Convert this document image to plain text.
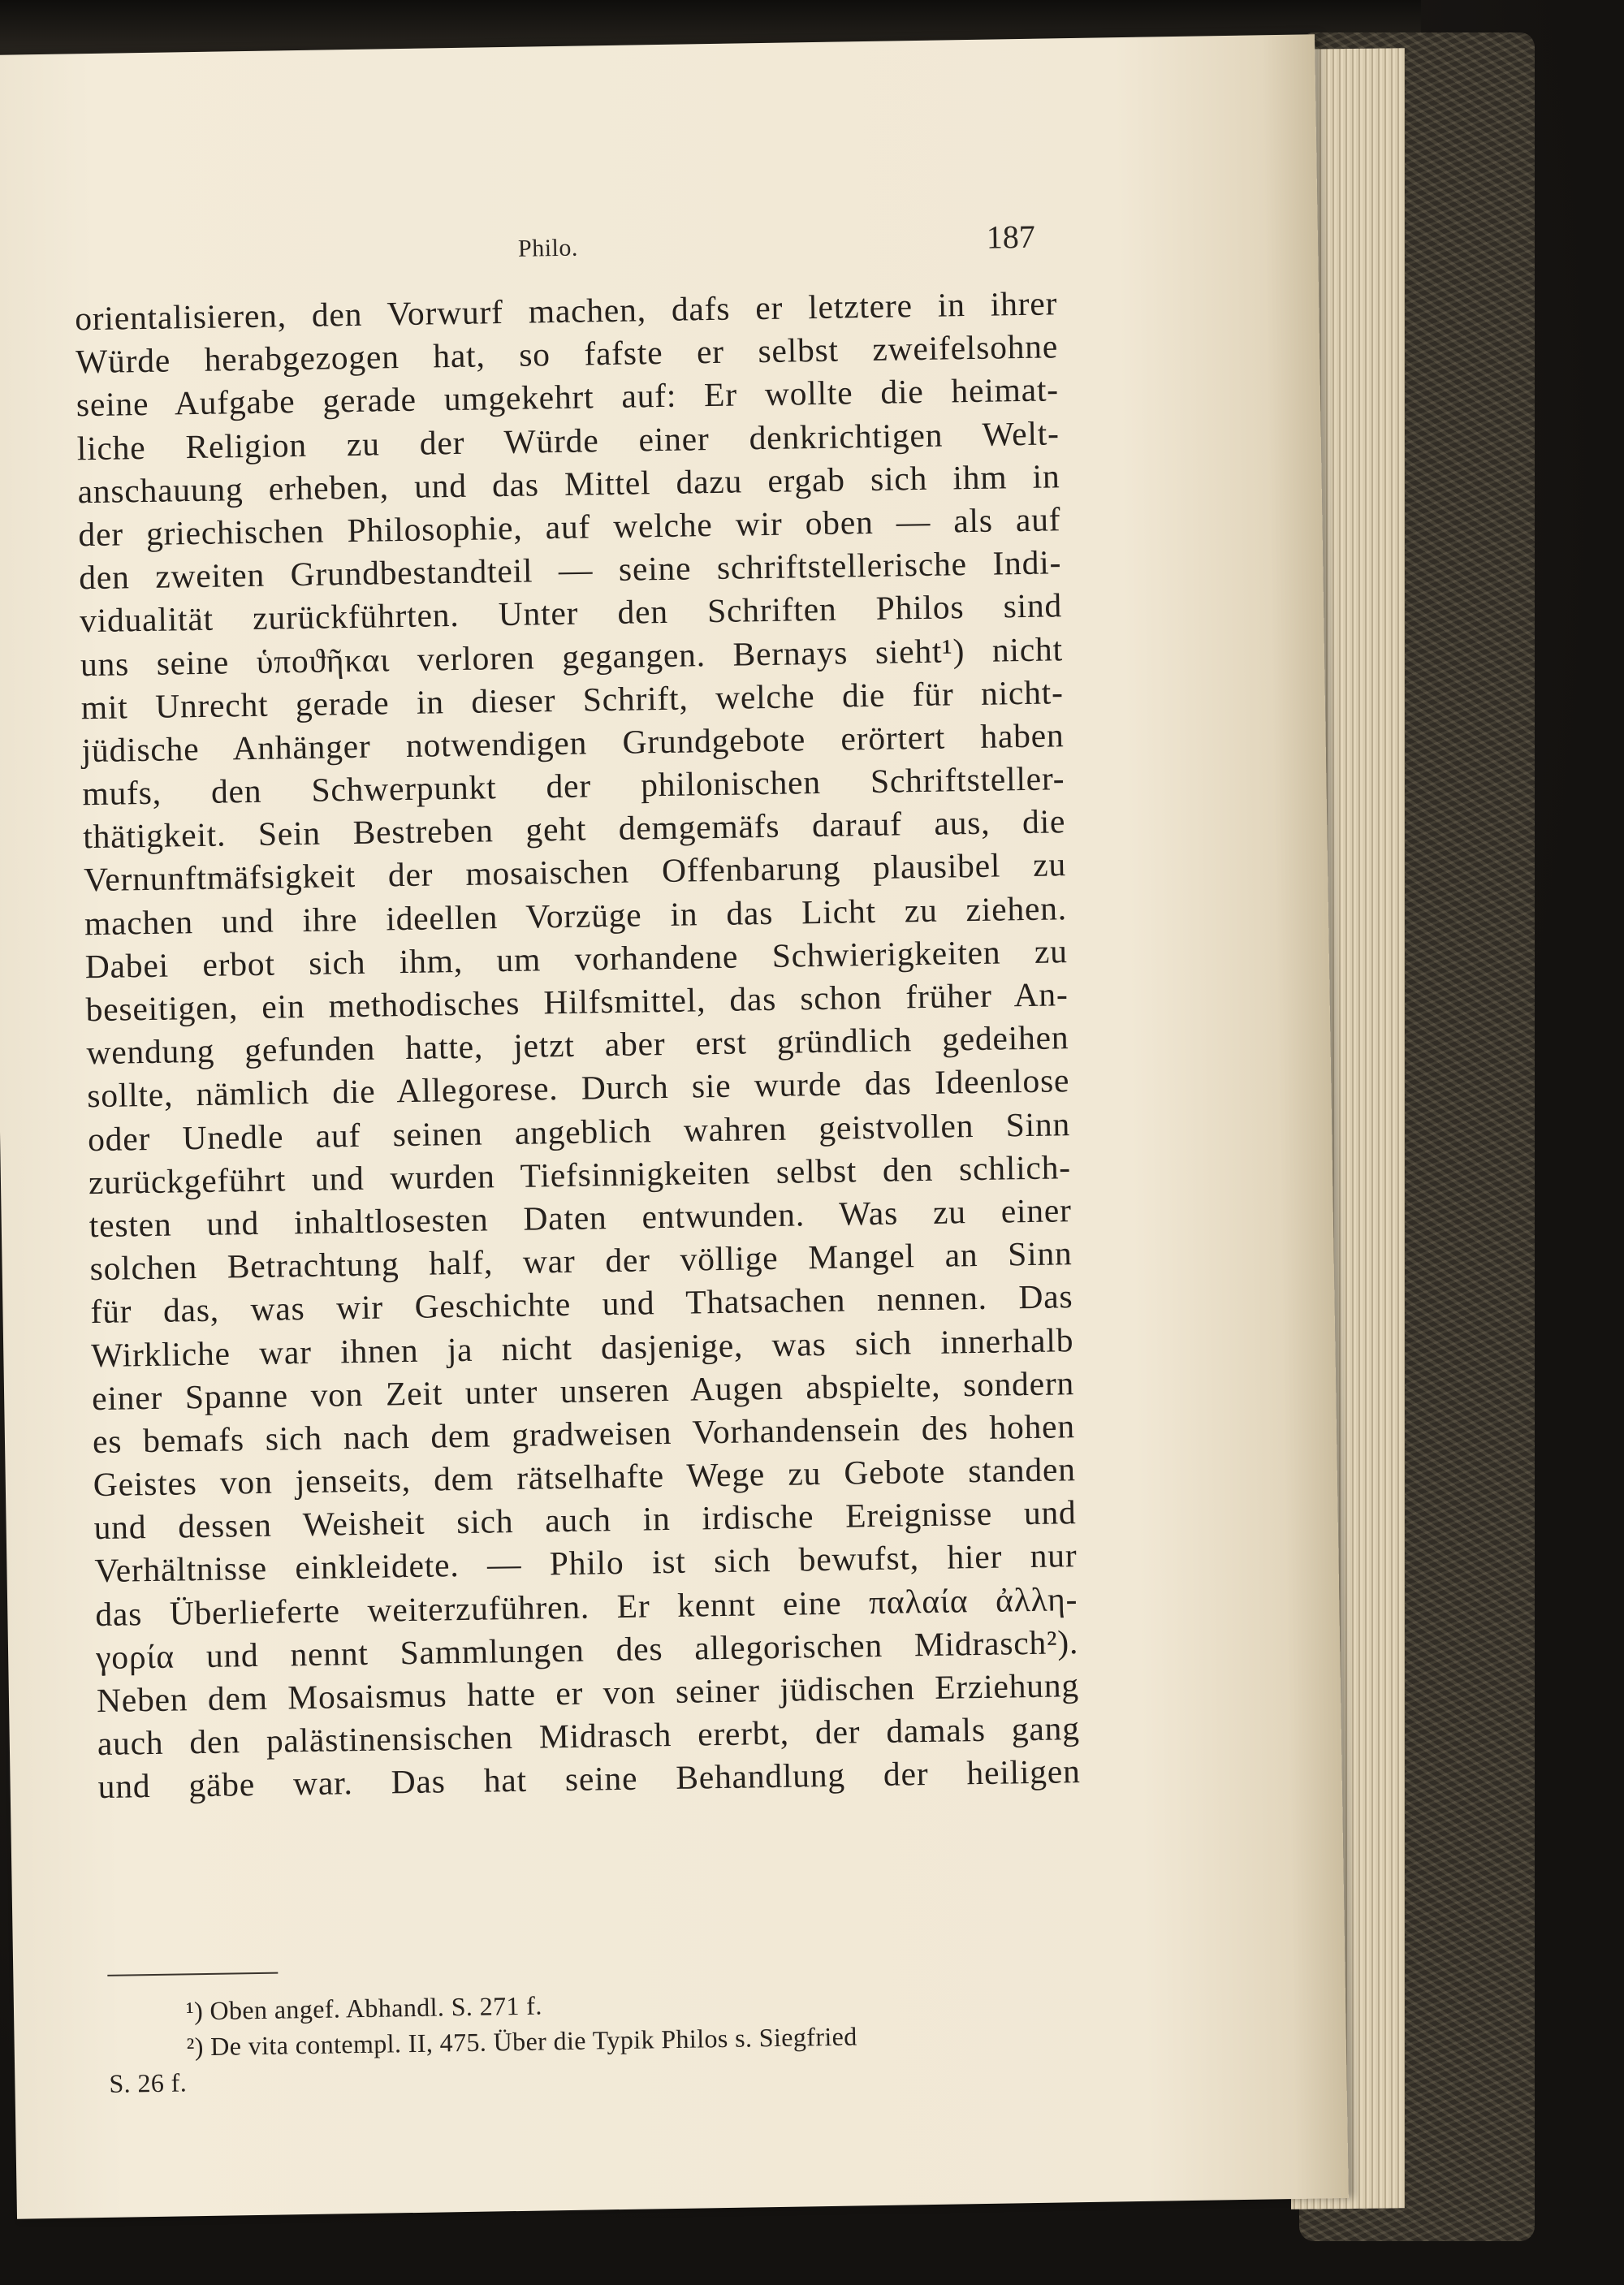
Philo.	187
orientalisieren, den Vorwurf machen, dafs er letztere in ihrer
Würde herabgezogen hat, so fafste er selbst zweifelsohne
seine Aufgabe gerade umgekehrt auf: Er wollte die heimat-
liche Religion zu der Würde einer denkrichtigen Welt-
anschauung erheben, und das Mittel dazu ergab sich ihm in
der griechischen Philosophie, auf welche wir oben — als auf
den zweiten Grundbestandteil — seine schriftstellerische Indi-
vidualität zurückführten. Unter den Schriften Philos sind
uns seine ὑποϑῆκαι verloren gegangen. Bernays sieht¹) nicht
mit Unrecht gerade in dieser Schrift, welche die für nicht-
jüdische Anhänger notwendigen Grundgebote erörtert haben
mufs, den Schwerpunkt der philonischen Schriftsteller-
thätigkeit. Sein Bestreben geht demgemäfs darauf aus, die
Vernunftmäfsigkeit der mosaischen Offenbarung plausibel zu
machen und ihre ideellen Vorzüge in das Licht zu ziehen.
Dabei erbot sich ihm, um vorhandene Schwierigkeiten zu
beseitigen, ein methodisches Hilfsmittel, das schon früher An-
wendung gefunden hatte, jetzt aber erst gründlich gedeihen
sollte, nämlich die Allegorese. Durch sie wurde das Ideenlose
oder Unedle auf seinen angeblich wahren geistvollen Sinn
zurückgeführt und wurden Tiefsinnigkeiten selbst den schlich-
testen und inhaltlosesten Daten entwunden. Was zu einer
solchen Betrachtung half, war der völlige Mangel an Sinn
für das, was wir Geschichte und Thatsachen nennen. Das
Wirkliche war ihnen ja nicht dasjenige, was sich innerhalb
einer Spanne von Zeit unter unseren Augen abspielte, sondern
es bemafs sich nach dem gradweisen Vorhandensein des hohen
Geistes von jenseits, dem rätselhafte Wege zu Gebote standen
und dessen Weisheit sich auch in irdische Ereignisse und
Verhältnisse einkleidete. — Philo ist sich bewufst, hier nur
das Überlieferte weiterzuführen. Er kennt eine παλαία ἀλλη-
γορία und nennt Sammlungen des allegorischen Midrasch²).
Neben dem Mosaismus hatte er von seiner jüdischen Erziehung
auch den palästinensischen Midrasch ererbt, der damals gang
und gäbe war. Das hat seine Behandlung der heiligen
¹) Oben angef. Abhandl. S. 271 f.
²) De vita contempl. II, 475. Über die Typik Philos s. Siegfried
S. 26 f.
